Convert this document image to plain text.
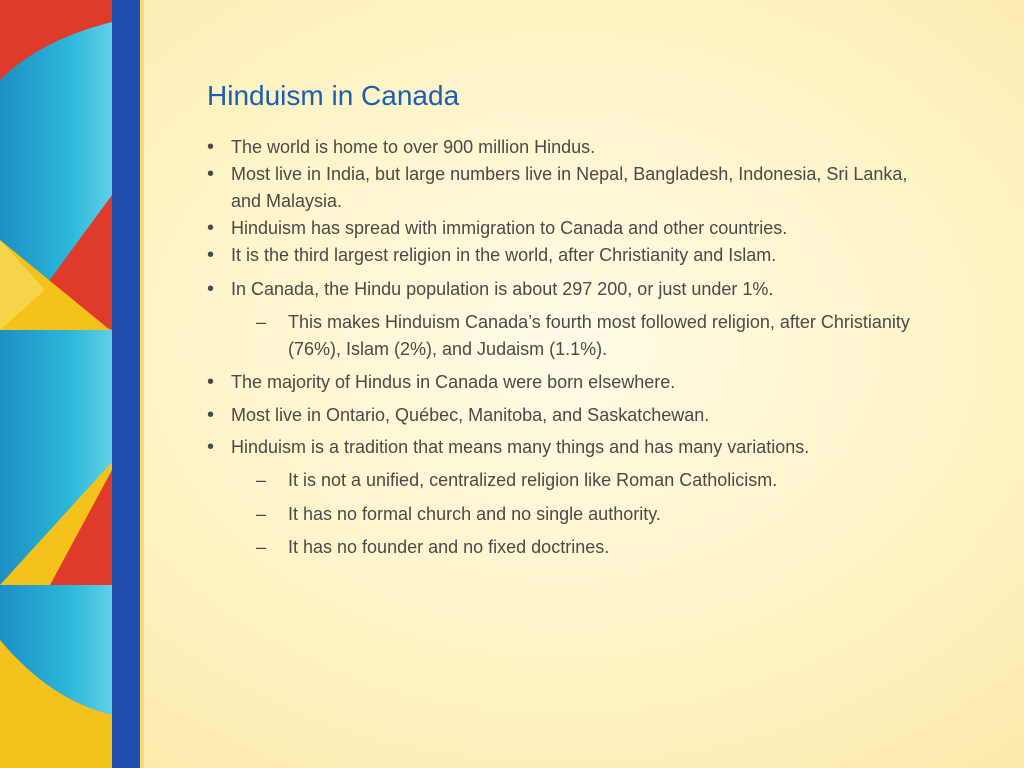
Hinduism in Canada
• The world is home to over 900 million Hindus.
• Most live in India, but large numbers live in Nepal, Bangladesh, Indonesia, Sri Lanka, and Malaysia.
• Hinduism has spread with immigration to Canada and other countries.
• It is the third largest religion in the world, after Christianity and Islam.
• In Canada, the Hindu population is about 297 200, or just under 1%.
– This makes Hinduism Canada’s fourth most followed religion, after Christianity (76%), Islam (2%), and Judaism (1.1%).
• The majority of Hindus in Canada were born elsewhere.
• Most live in Ontario, Québec, Manitoba, and Saskatchewan.
• Hinduism is a tradition that means many things and has many variations.
– It is not a unified, centralized religion like Roman Catholicism.
– It has no formal church and no single authority.
– It has no founder and no fixed doctrines.
